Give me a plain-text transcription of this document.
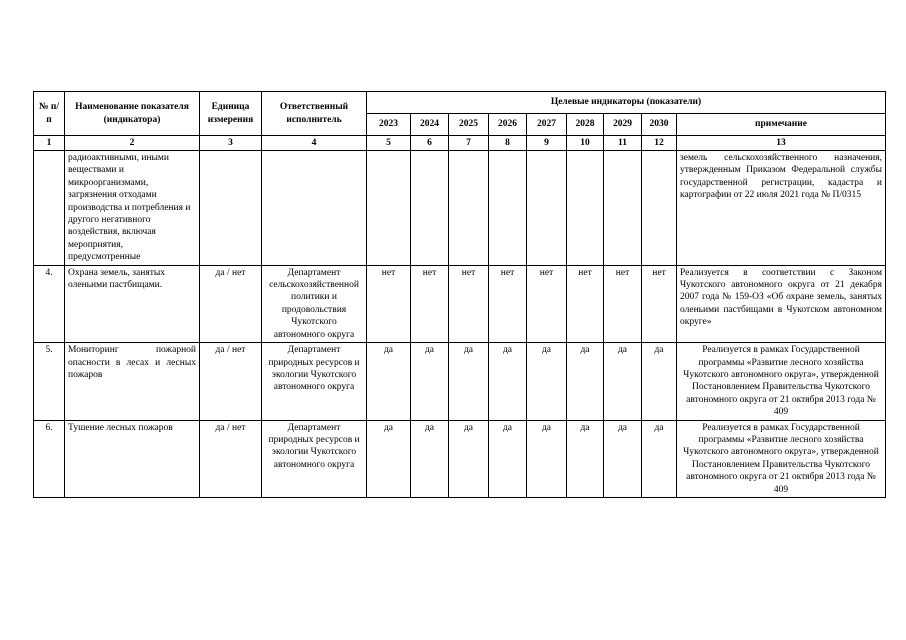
№ п/п	Наименование показателя (индикатора)	Единица измерения	Ответственный исполнитель	Целевые индикаторы (показатели)								
				2023	2024	2025	2026	2027	2028	2029	2030	примечание
1	2	3	4	5	6	7	8	9	10	11	12	13
	радиоактивными, иными веществами и микроорганизмами, загрязнения отходами производства и потребления и другого негативного воздействия, включая мероприятия, предусмотренные											земель сельскохозяйственного назначения, утвержденным Приказом Федеральной службы государственной регистрации, кадастра и картографии от 22 июля 2021 года № П/0315
4.	Охрана земель, занятых оленьими пастбищами.	да / нет	Департамент сельскохозяйственной политики и продовольствия Чукотского автономного округа	нет	нет	нет	нет	нет	нет	нет	нет	Реализуется в соответствии с Законом Чукотского автономного округа от 21 декабря 2007 года № 159-ОЗ «Об охране земель, занятых оленьими пастбищами в Чукотском автономном округе»
5.	Мониторинг пожарной опасности в лесах и лесных пожаров	да / нет	Департамент природных ресурсов и экологии Чукотского автономного округа	да	да	да	да	да	да	да	да	Реализуется в рамках Государственной программы «Развитие лесного хозяйства Чукотского автономного округа», утвержденной Постановлением Правительства Чукотского автономного округа от 21 октября 2013 года № 409
6.	Тушение лесных пожаров	да / нет	Департамент природных ресурсов и экологии Чукотского автономного округа	да	да	да	да	да	да	да	да	Реализуется в рамках Государственной программы «Развитие лесного хозяйства Чукотского автономного округа», утвержденной Постановлением Правительства Чукотского автономного округа от 21 октября 2013 года № 409
